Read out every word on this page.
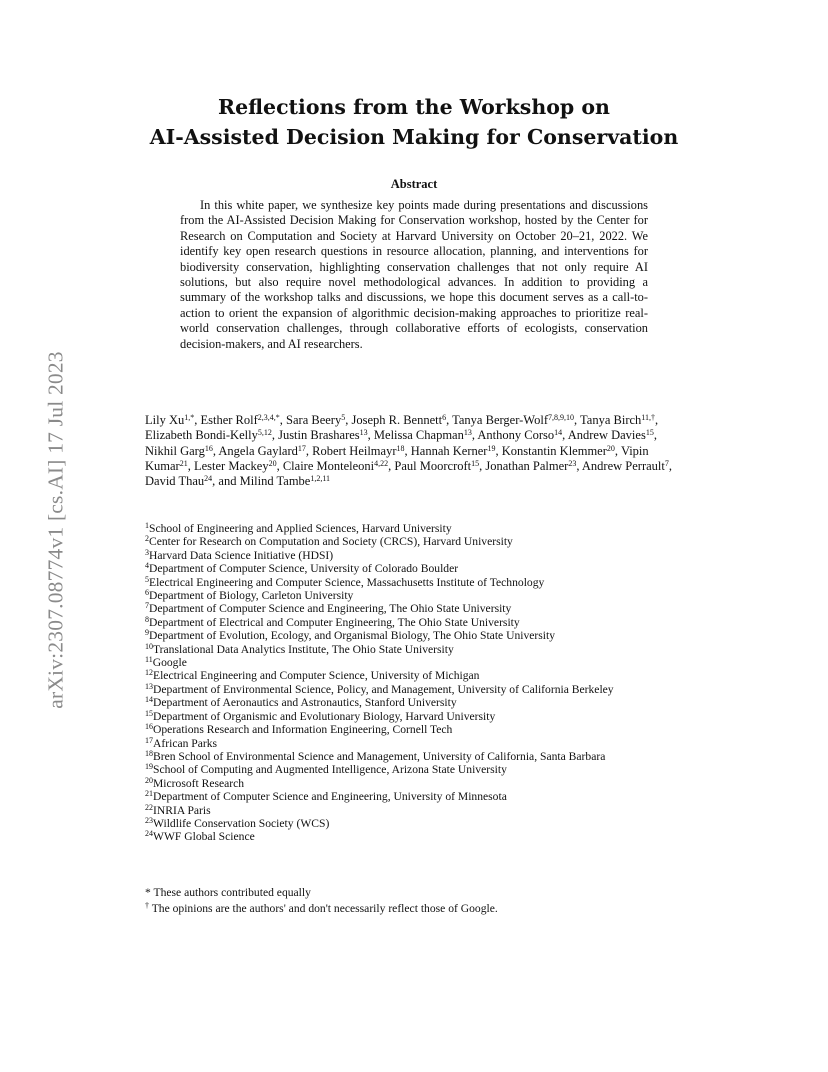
arXiv:2307.08774v1 [cs.AI] 17 Jul 2023
Reflections from the Workshop on
AI-Assisted Decision Making for Conservation
Abstract
In this white paper, we synthesize key points made during presentations and discussions from the AI-Assisted Decision Making for Conservation workshop, hosted by the Center for Research on Computation and Society at Harvard University on October 20–21, 2022. We identify key open research questions in resource allocation, planning, and interventions for biodiversity conservation, highlighting conservation challenges that not only require AI solutions, but also require novel methodological advances. In addition to providing a summary of the workshop talks and discussions, we hope this document serves as a call-to-action to orient the expansion of algorithmic decision-making approaches to prioritize real-world conservation challenges, through collaborative efforts of ecologists, conservation decision-makers, and AI researchers.
Lily $Xu^{1,*}$, Esther Rolf$^{2,3,4,*}$, Sara Beery$^5$, Joseph R. Bennett$^6$, Tanya Berger-Wolf$^{7,8,9,10}$, Tanya Birch$^{11,\dagger}$, Elizabeth Bondi-Kelly$^{5,12}$, Justin Brashares$^{13}$, Melissa Chapman$^{13}$, Anthony Corso$^{14}$, Andrew Davies$^{15}$, Nikhil Garg$^{16}$, Angela Gaylard$^{17}$, Robert Heilmayr$^{18}$, Hannah Kerner$^{19}$, Konstantin Klemmer$^{20}$, Vipin Kumar$^{21}$, Lester Mackey$^{20}$, Claire Monteleoni$^{4,22}$, Paul Moorcroft$^{15}$, Jonathan Palmer$^{23}$, Andrew Perrault$^7$, David Thau$^{24}$, and Milind Tambe$^{1,2,11}$
$^1$School of Engineering and Applied Sciences, Harvard University
$^2$Center for Research on Computation and Society (CRCS), Harvard University
$^3$Harvard Data Science Initiative (HDSI)
$^4$Department of Computer Science, University of Colorado Boulder
$^5$Electrical Engineering and Computer Science, Massachusetts Institute of Technology
$^6$Department of Biology, Carleton University
$^7$Department of Computer Science and Engineering, The Ohio State University
$^8$Department of Electrical and Computer Engineering, The Ohio State University
$^9$Department of Evolution, Ecology, and Organismal Biology, The Ohio State University
$^{10}$Translational Data Analytics Institute, The Ohio State University
$^{11}$Google
$^{12}$Electrical Engineering and Computer Science, University of Michigan
$^{13}$Department of Environmental Science, Policy, and Management, University of California Berkeley
$^{14}$Department of Aeronautics and Astronautics, Stanford University
$^{15}$Department of Organismic and Evolutionary Biology, Harvard University
$^{16}$Operations Research and Information Engineering, Cornell Tech
$^{17}$African Parks
$^{18}$Bren School of Environmental Science and Management, University of California, Santa Barbara
$^{19}$School of Computing and Augmented Intelligence, Arizona State University
$^{20}$Microsoft Research
$^{21}$Department of Computer Science and Engineering, University of Minnesota
$^{22}$INRIA Paris
$^{23}$Wildlife Conservation Society (WCS)
$^{24}$WWF Global Science
* These authors contributed equally
† The opinions are the authors' and don't necessarily reflect those of Google.
